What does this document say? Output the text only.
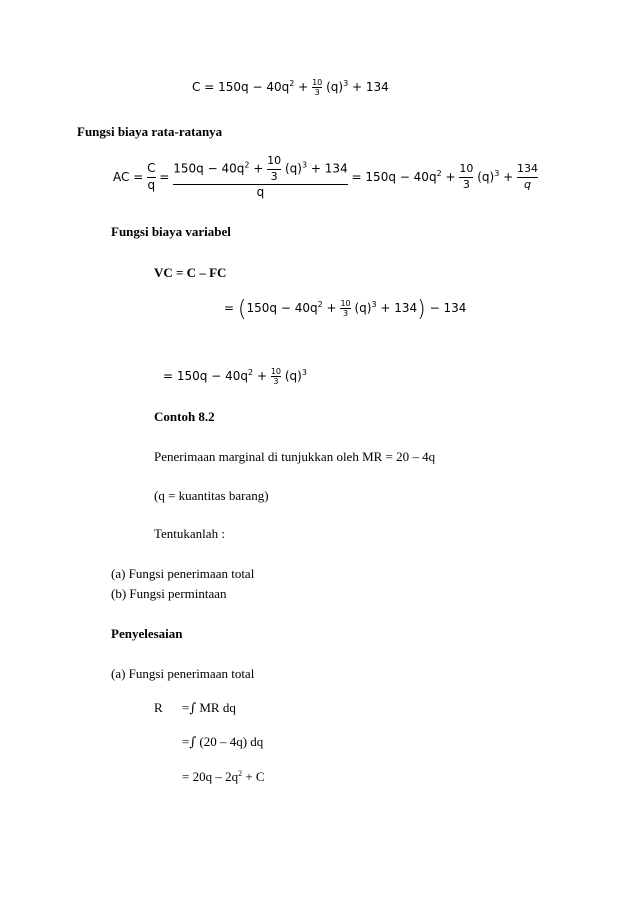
$C = 150q - 40q^2 + \frac{10}{3} (q)^3 + 134$
Fungsi biaya rata-ratanya
AC = $\frac{C}{q}$ =
$150q - 40q^2 + \frac{10}{3} (q)^3 + 134$
q
= $150q - 40q^2 + \frac{10}{3} (q)^3 + \frac{134}{q}$
Fungsi biaya variabel
VC = C – FC
= $(150q - 40q^2 + \frac{10}{3} (q)^3 + 134) - 134$
= $150q - 40q^2 + \frac{10}{3} (q)^3$
Contoh 8.2
Penerimaan marginal di tunjukkan oleh MR = 20 – 4q
(q = kuantitas barang)
Tentukanlah :
(a) Fungsi penerimaan total
(b) Fungsi permintaan
Penyelesaian
(a) Fungsi penerimaan total
R =∫ MR dq
=∫ (20 – 4q) dq
= $20q - 2q^2 + C$
